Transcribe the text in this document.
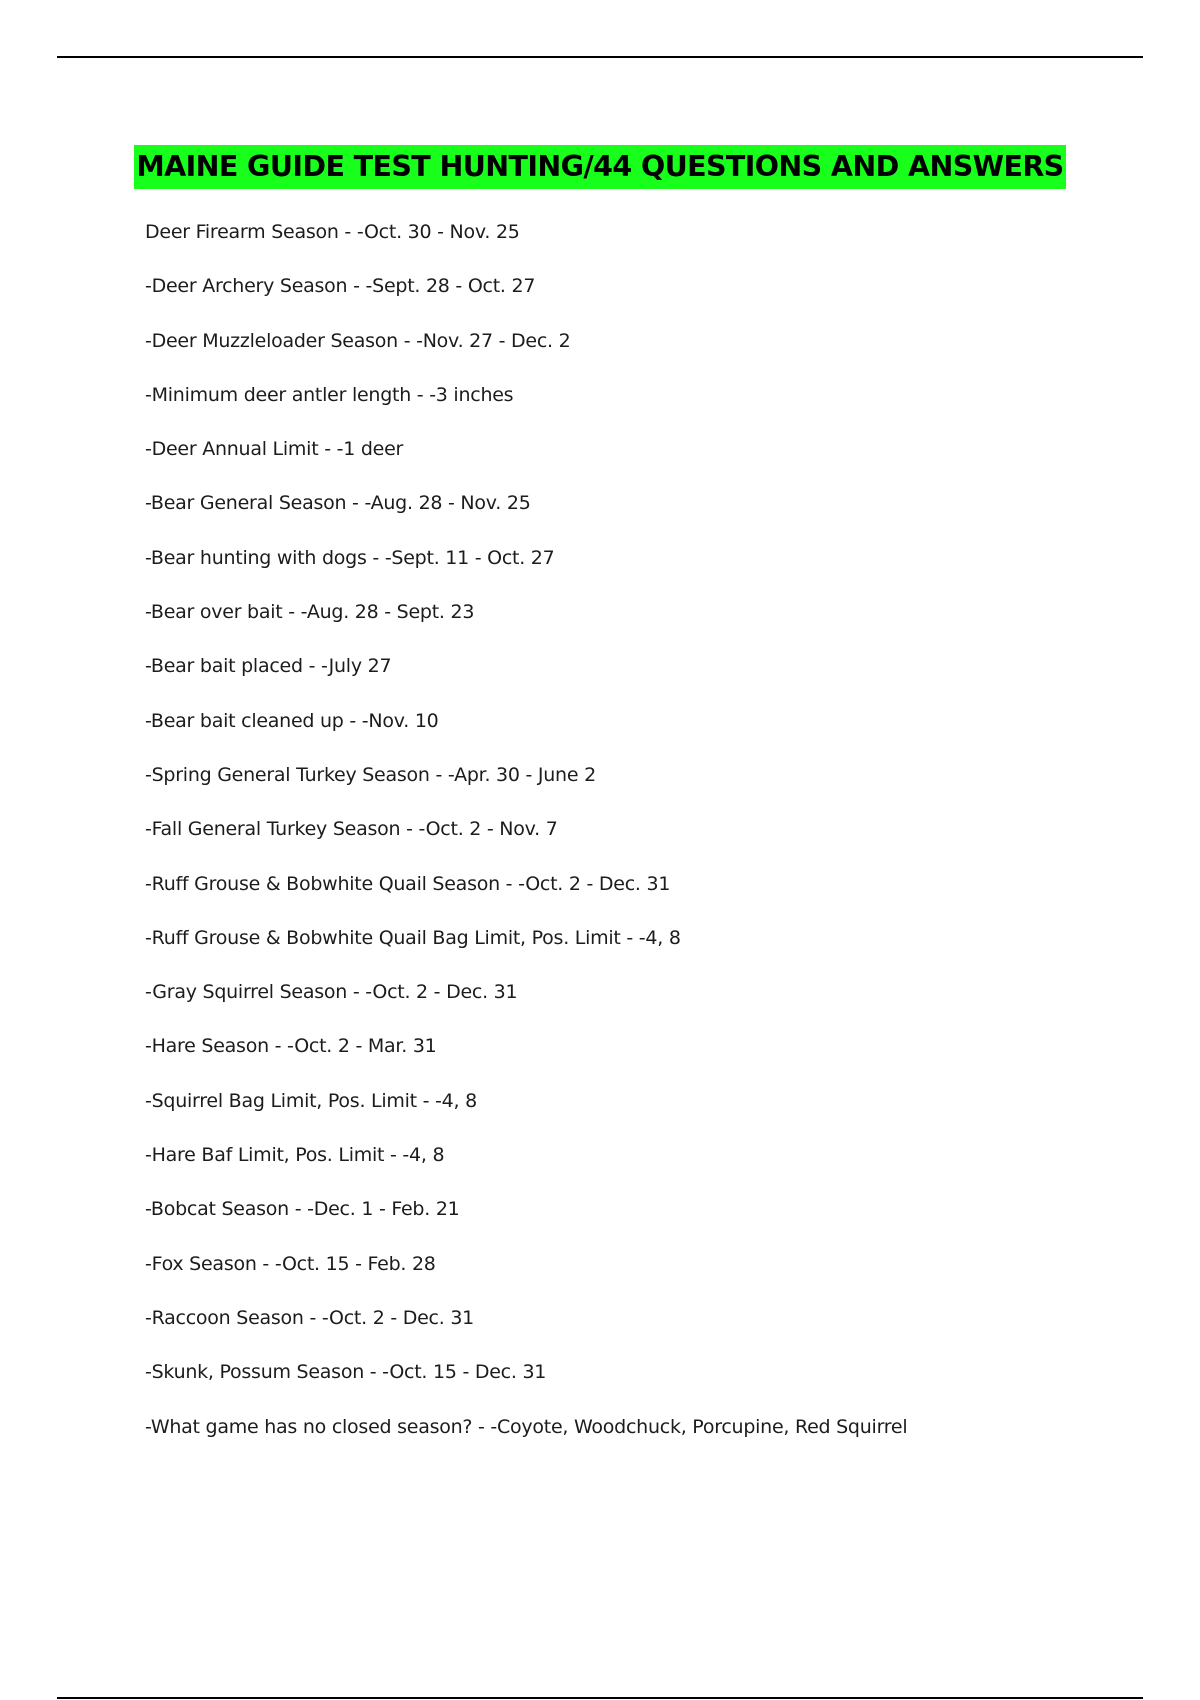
MAINE GUIDE TEST HUNTING/44 QUESTIONS AND ANSWERS
Deer Firearm Season - -Oct. 30 - Nov. 25
-Deer Archery Season - -Sept. 28 - Oct. 27
-Deer Muzzleloader Season - -Nov. 27 - Dec. 2
-Minimum deer antler length - -3 inches
-Deer Annual Limit - -1 deer
-Bear General Season - -Aug. 28 - Nov. 25
-Bear hunting with dogs - -Sept. 11 - Oct. 27
-Bear over bait - -Aug. 28 - Sept. 23
-Bear bait placed - -July 27
-Bear bait cleaned up - -Nov. 10
-Spring General Turkey Season - -Apr. 30 - June 2
-Fall General Turkey Season - -Oct. 2 - Nov. 7
-Ruff Grouse & Bobwhite Quail Season - -Oct. 2 - Dec. 31
-Ruff Grouse & Bobwhite Quail Bag Limit, Pos. Limit - -4, 8
-Gray Squirrel Season - -Oct. 2 - Dec. 31
-Hare Season - -Oct. 2 - Mar. 31
-Squirrel Bag Limit, Pos. Limit - -4, 8
-Hare Baf Limit, Pos. Limit - -4, 8
-Bobcat Season - -Dec. 1 - Feb. 21
-Fox Season - -Oct. 15 - Feb. 28
-Raccoon Season - -Oct. 2 - Dec. 31
-Skunk, Possum Season - -Oct. 15 - Dec. 31
-What game has no closed season? - -Coyote, Woodchuck, Porcupine, Red Squirrel
